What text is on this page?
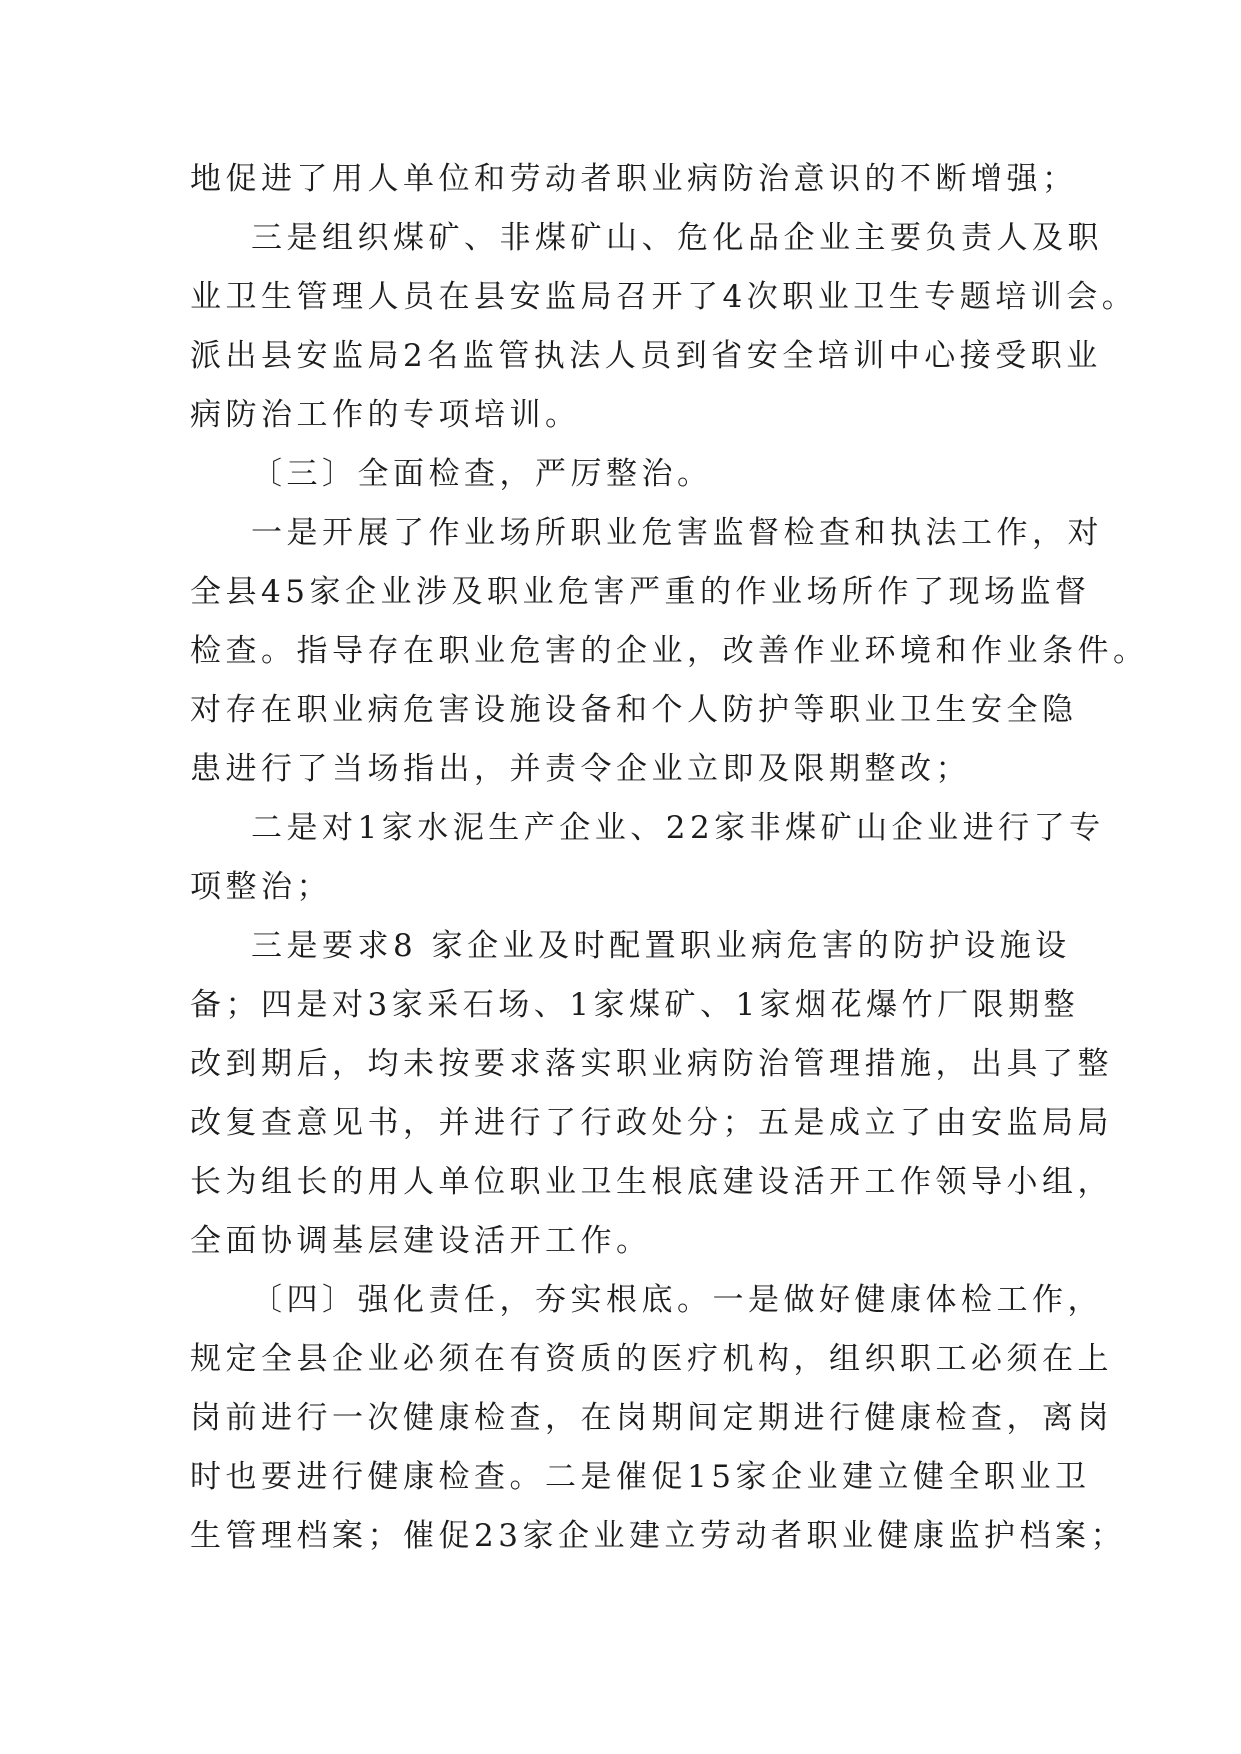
地促进了用人单位和劳动者职业病防治意识的不断增强；
三是组织煤矿、非煤矿山、危化品企业主要负责人及职
业卫生管理人员在县安监局召开了4次职业卫生专题培训会。
派出县安监局2名监管执法人员到省安全培训中心接受职业
病防治工作的专项培训。
〔三〕全面检查，严厉整治。
一是开展了作业场所职业危害监督检查和执法工作，对
全县45家企业涉及职业危害严重的作业场所作了现场监督
检查。指导存在职业危害的企业，改善作业环境和作业条件。
对存在职业病危害设施设备和个人防护等职业卫生安全隐
患进行了当场指出，并责令企业立即及限期整改；
二是对1家水泥生产企业、22家非煤矿山企业进行了专
项整治；
三是要求8 家企业及时配置职业病危害的防护设施设
备；四是对3家采石场、1家煤矿、1家烟花爆竹厂限期整
改到期后，均未按要求落实职业病防治管理措施，出具了整
改复查意见书，并进行了行政处分；五是成立了由安监局局
长为组长的用人单位职业卫生根底建设活开工作领导小组，
全面协调基层建设活开工作。
〔四〕强化责任，夯实根底。一是做好健康体检工作，
规定全县企业必须在有资质的医疗机构，组织职工必须在上
岗前进行一次健康检查，在岗期间定期进行健康检查，离岗
时也要进行健康检查。二是催促15家企业建立健全职业卫
生管理档案；催促23家企业建立劳动者职业健康监护档案；
